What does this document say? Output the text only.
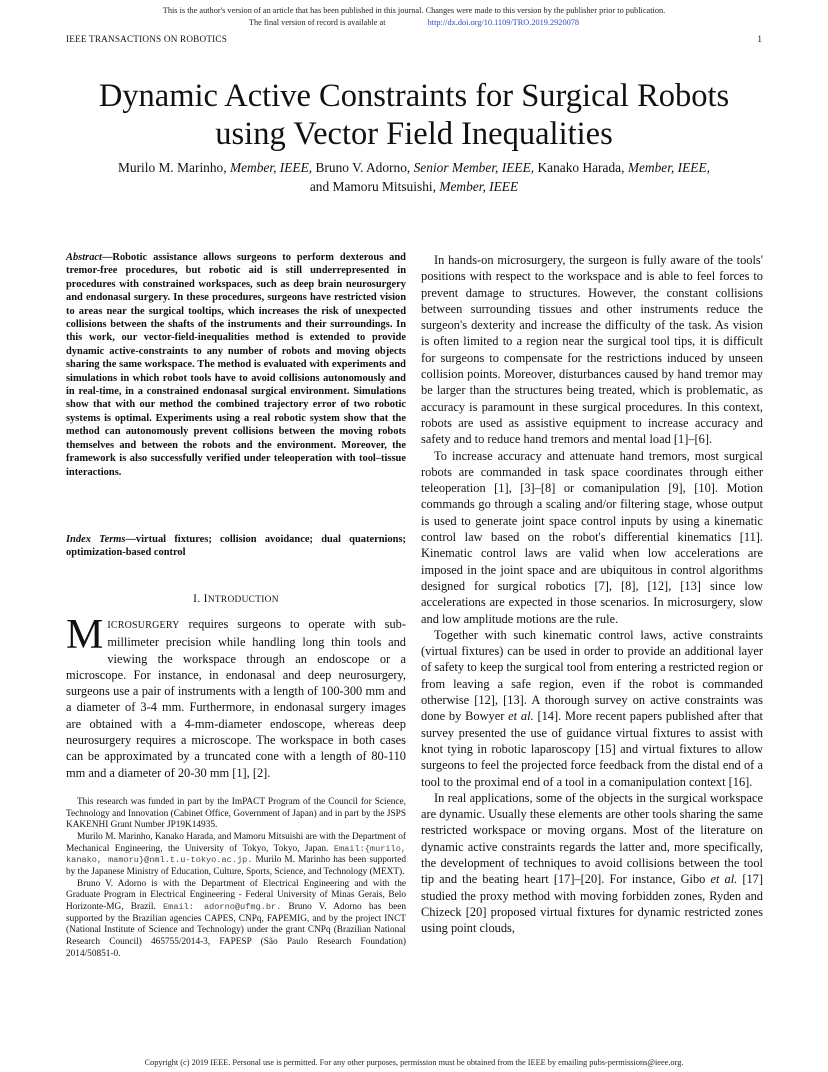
This is the author's version of an article that has been published in this journal. Changes were made to this version by the publisher prior to publication.
The final version of record is available at	http://dx.doi.org/10.1109/TRO.2019.2920078
IEEE TRANSACTIONS ON ROBOTICS	1
Dynamic Active Constraints for Surgical Robots
using Vector Field Inequalities
Murilo M. Marinho, Member, IEEE, Bruno V. Adorno, Senior Member, IEEE, Kanako Harada, Member, IEEE,
and Mamoru Mitsuishi, Member, IEEE
Abstract—Robotic assistance allows surgeons to perform dexterous and tremor-free procedures, but robotic aid is still underrepresented in procedures with constrained workspaces, such as deep brain neurosurgery and endonasal surgery. In these procedures, surgeons have restricted vision to areas near the surgical tooltips, which increases the risk of unexpected collisions between the shafts of the instruments and their surroundings. In this work, our vector-field-inequalities method is extended to provide dynamic active-constraints to any number of robots and moving objects sharing the same workspace. The method is evaluated with experiments and simulations in which robot tools have to avoid collisions autonomously and in real-time, in a constrained endonasal surgical environment. Simulations show that with our method the combined trajectory error of two robotic systems is optimal. Experiments using a real robotic system show that the method can autonomously prevent collisions between the moving robots themselves and between the robots and the environment. Moreover, the framework is also successfully verified under teleoperation with tool–tissue interactions.
Index Terms—virtual fixtures; collision avoidance; dual quaternions; optimization-based control
I. INTRODUCTION
MICROSURGERY requires surgeons to operate with sub-millimeter precision while handling long thin tools and viewing the workspace through an endoscope or a microscope. For instance, in endonasal and deep neurosurgery, surgeons use a pair of instruments with a length of 100-300 mm and a diameter of 3-4 mm. Furthermore, in endonasal surgery images are obtained with a 4-mm-diameter endoscope, whereas deep neurosurgery requires a microscope. The workspace in both cases can be approximated by a truncated cone with a length of 80-110 mm and a diameter of 20-30 mm [1], [2].

This research was funded in part by the ImPACT Program of the Council for Science, Technology and Innovation (Cabinet Office, Government of Japan) and in part by the JSPS KAKENHI Grant Number JP19K14935.

Murilo M. Marinho, Kanako Harada, and Mamoru Mitsuishi are with the Department of Mechanical Engineering, the University of Tokyo, Tokyo, Japan. Email:{murilo, kanako, mamoru}@nml.t.u-tokyo.ac.jp. Murilo M. Marinho has been supported by the Japanese Ministry of Education, Culture, Sports, Science, and Technology (MEXT).

Bruno V. Adorno is with the Department of Electrical Engineering and with the Graduate Program in Electrical Engineering - Federal University of Minas Gerais, Belo Horizonte-MG, Brazil. Email: adorno@ufmg.br. Bruno V. Adorno has been supported by the Brazilian agencies CAPES, CNPq, FAPEMIG, and by the project INCT (National Institute of Science and Technology) under the grant CNPq (Brazilian National Research Council) 465755/2014-3, FAPESP (São Paulo Research Foundation) 2014/50851-0.

In hands-on microsurgery, the surgeon is fully aware of the tools' positions with respect to the workspace and is able to feel forces to prevent damage to structures. However, the constant collisions between surrounding tissues and other instruments reduce the surgeon's dexterity and increase the difficulty of the task. As vision is often limited to a region near the surgical tool tips, it is difficult for surgeons to compensate for the restrictions induced by unseen collision points. Moreover, disturbances caused by hand tremor may be larger than the structures being treated, which is problematic, as accuracy is paramount in these surgical procedures. In this context, robots are used as assistive equipment to increase accuracy and safety and to reduce hand tremors and mental load [1]–[6].

To increase accuracy and attenuate hand tremors, most surgical robots are commanded in task space coordinates through either teleoperation [1], [3]–[8] or comanipulation [9], [10]. Motion commands go through a scaling and/or filtering stage, whose output is used to generate joint space control inputs by using a kinematic control law based on the robot's differential kinematics [11]. Kinematic control laws are valid when low accelerations are imposed in the joint space and are ubiquitous in control algorithms designed for surgical robotics [7], [8], [12], [13] since low accelerations are expected in those scenarios. In microsurgery, slow and low amplitude motions are the rule.

Together with such kinematic control laws, active constraints (virtual fixtures) can be used in order to provide an additional layer of safety to keep the surgical tool from entering a restricted region or from leaving a safe region, even if the robot is commanded otherwise [12], [13]. A thorough survey on active constraints was done by Bowyer et al. [14]. More recent papers published after that survey presented the use of guidance virtual fixtures to assist with knot tying in robotic laparoscopy [15] and virtual fixtures to allow surgeons to feel the projected force feedback from the distal end of a tool to the proximal end of a tool in a comanipulation context [16].

In real applications, some of the objects in the surgical workspace are dynamic. Usually these elements are other tools sharing the same restricted workspace or moving organs. Most of the literature on dynamic active constraints regards the latter and, more specifically, the development of techniques to avoid collisions between the tool tip and the beating heart [17]–[20]. For instance, Gibo et al. [17] studied the proxy method with moving forbidden zones, Ryden and Chizeck [20] proposed virtual fixtures for dynamic restricted zones using point clouds,

Copyright (c) 2019 IEEE. Personal use is permitted. For any other purposes, permission must be obtained from the IEEE by emailing pubs-permissions@ieee.org.
